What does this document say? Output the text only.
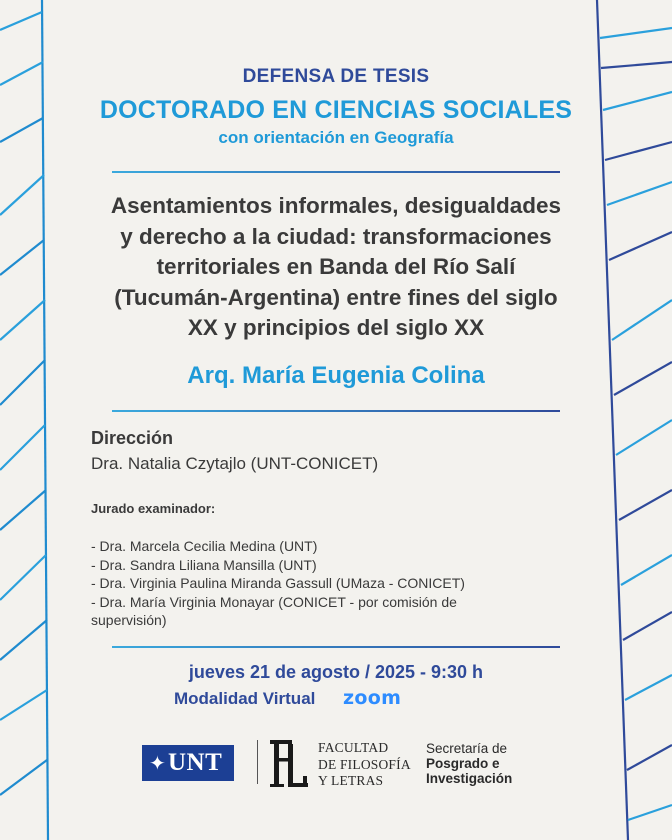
DEFENSA DE TESIS
DOCTORADO EN CIENCIAS SOCIALES
con orientación en Geografía
Asentamientos informales, desigualdades
y derecho a la ciudad: transformaciones
territoriales en Banda del Río Salí
(Tucumán-Argentina) entre fines del siglo
XX y principios del siglo XX
Arq. María Eugenia Colina
Dirección
Dra. Natalia Czytajlo (UNT-CONICET)
Jurado examinador:
- Dra. Marcela Cecilia Medina (UNT)
- Dra. Sandra Liliana Mansilla (UNT)
- Dra. Virginia Paulina Miranda Gassull (UMaza - CONICET)
- Dra. María Virginia Monayar (CONICET - por comisión de
supervisión)
jueves 21 de agosto / 2025 - 9:30 h
Modalidad Virtual zoom
✦ UNT
FACULTAD
DE FILOSOFÍA
Y LETRAS
Secretaría de
Posgrado e
Investigación
